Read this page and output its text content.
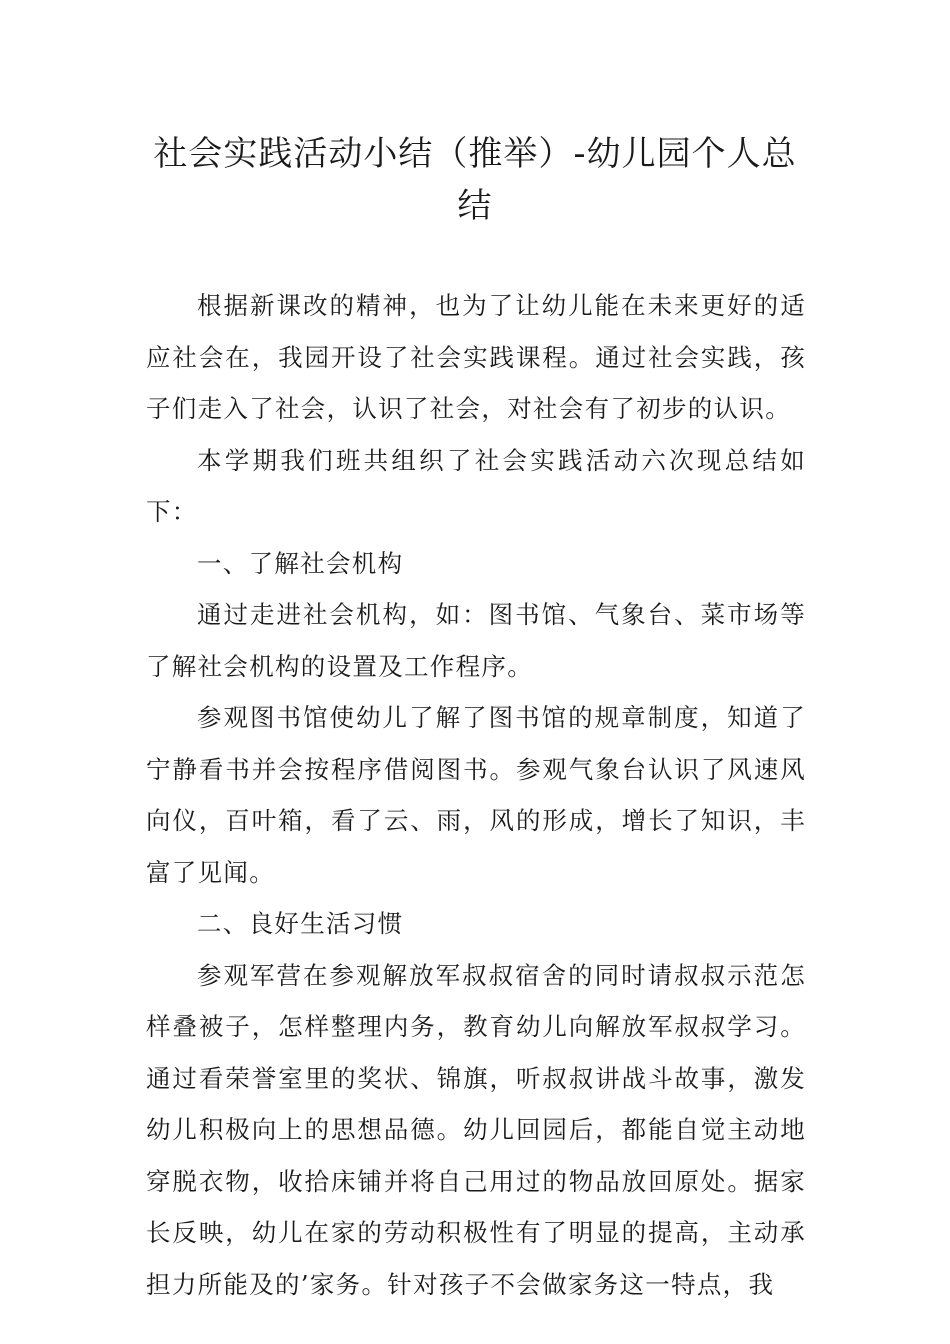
社会实践活动小结（推举）-幼儿园个人总结

根据新课改的精神，也为了让幼儿能在未来更好的适应社会在，我园开设了社会实践课程。通过社会实践，孩子们走入了社会，认识了社会，对社会有了初步的认识。

本学期我们班共组织了社会实践活动六次现总结如下：

一、了解社会机构

通过走进社会机构，如：图书馆、气象台、菜市场等了解社会机构的设置及工作程序。

参观图书馆使幼儿了解了图书馆的规章制度，知道了宁静看书并会按程序借阅图书。参观气象台认识了风速风向仪，百叶箱，看了云、雨，风的形成，增长了知识，丰富了见闻。

二、良好生活习惯

参观军营在参观解放军叔叔宿舍的同时请叔叔示范怎样叠被子，怎样整理内务，教育幼儿向解放军叔叔学习。通过看荣誉室里的奖状、锦旗，听叔叔讲战斗故事，激发幼儿积极向上的思想品德。幼儿回园后，都能自觉主动地穿脱衣物，收拾床铺并将自己用过的物品放回原处。据家长反映，幼儿在家的劳动积极性有了明显的提高，主动承担力所能及的’家务。针对孩子不会做家务这一特点，我
